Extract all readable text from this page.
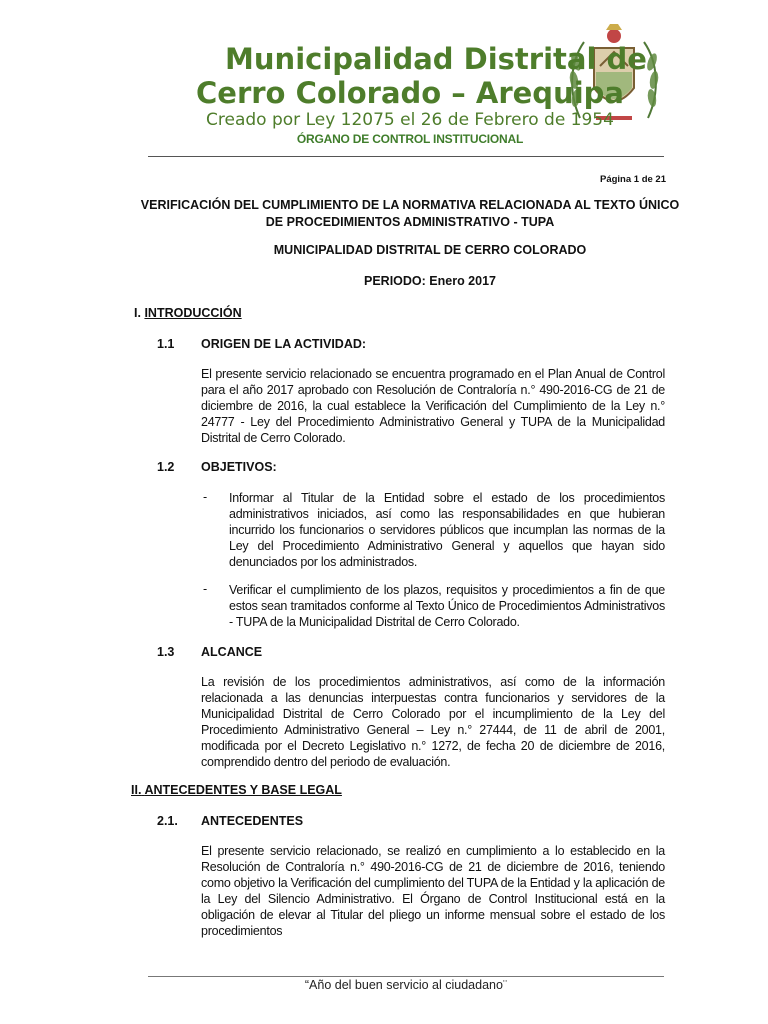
Municipalidad Distrital de
Cerro Colorado – Arequipa
Creado por Ley 12075 el 26 de Febrero de 1954
ÓRGANO DE CONTROL INSTITUCIONAL
Página 1 de 21
VERIFICACIÓN DEL CUMPLIMIENTO DE LA NORMATIVA RELACIONADA AL TEXTO ÚNICO
DE PROCEDIMIENTOS ADMINISTRATIVO - TUPA
MUNICIPALIDAD DISTRITAL DE CERRO COLORADO
PERIODO: Enero 2017
I. INTRODUCCIÓN
1.1 ORIGEN DE LA ACTIVIDAD:
El presente servicio relacionado se encuentra programado en el Plan Anual de Control para el año 2017 aprobado con Resolución de Contraloría n.° 490-2016-CG de 21 de diciembre de 2016, la cual establece la Verificación del Cumplimiento de la Ley n.° 24777 - Ley del Procedimiento Administrativo General y TUPA de la Municipalidad Distrital de Cerro Colorado.
1.2 OBJETIVOS:
- Informar al Titular de la Entidad sobre el estado de los procedimientos administrativos iniciados, así como las responsabilidades en que hubieran incurrido los funcionarios o servidores públicos que incumplan las normas de la Ley del Procedimiento Administrativo General y aquellos que hayan sido denunciados por los administrados.
- Verificar el cumplimiento de los plazos, requisitos y procedimientos a fin de que estos sean tramitados conforme al Texto Único de Procedimientos Administrativos - TUPA de la Municipalidad Distrital de Cerro Colorado.
1.3 ALCANCE
La revisión de los procedimientos administrativos, así como de la información relacionada a las denuncias interpuestas contra funcionarios y servidores de la Municipalidad Distrital de Cerro Colorado por el incumplimiento de la Ley del Procedimiento Administrativo General – Ley n.° 27444, de 11 de abril de 2001, modificada por el Decreto Legislativo n.° 1272, de fecha 20 de diciembre de 2016, comprendido dentro del periodo de evaluación.
II. ANTECEDENTES Y BASE LEGAL
2.1. ANTECEDENTES
El presente servicio relacionado, se realizó en cumplimiento a lo establecido en la Resolución de Contraloría n.° 490-2016-CG de 21 de diciembre de 2016, teniendo como objetivo la Verificación del cumplimiento del TUPA de la Entidad y la aplicación de la Ley del Silencio Administrativo. El Órgano de Control Institucional está en la obligación de elevar al Titular del pliego un informe mensual sobre el estado de los procedimientos
“Año del buen servicio al ciudadano¨
